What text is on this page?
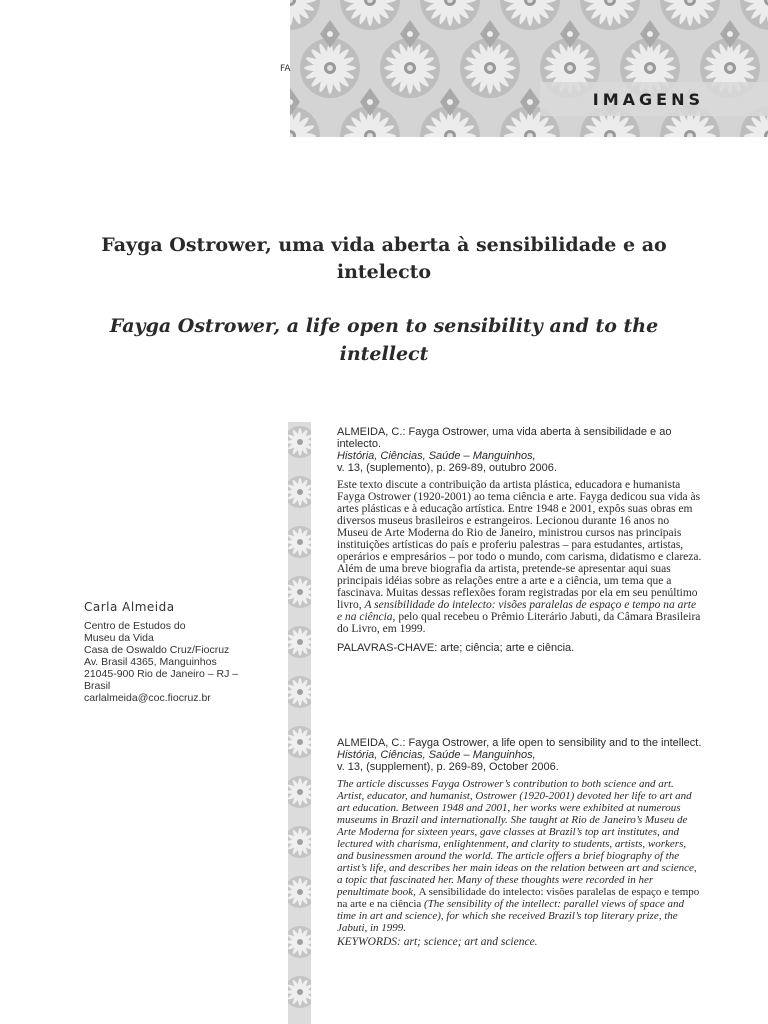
IMAGENS

FA

Fayga Ostrower, uma vida aberta à sensibilidade e ao intelecto
Fayga Ostrower, a life open to sensibility and to the intellect

Carla Almeida

Centro de Estudos do

Museu da Vida

Casa de Oswaldo Cruz/Fiocruz

Av. Brasil 4365, Manguinhos

21045-900 Rio de Janeiro – RJ –

Brasil

carlalmeida@coc.fiocruz.br

ALMEIDA, C.: Fayga Ostrower, uma vida aberta à sensibilidade e ao intelecto.

História, Ciências, Saúde – Manguinhos,

v. 13, (suplemento), p. 269-89, outubro 2006.

Este texto discute a contribuição da artista plástica, educadora e humanista Fayga Ostrower (1920-2001) ao tema ciência e arte. Fayga dedicou sua vida às artes plásticas e à educação artística. Entre 1948 e 2001, expôs suas obras em diversos museus brasileiros e estrangeiros. Lecionou durante 16 anos no Museu de Arte Moderna do Rio de Janeiro, ministrou cursos nas principais instituições artísticas do país e proferiu palestras – para estudantes, artistas, operários e empresários – por todo o mundo, com carisma, didatismo e clareza. Além de uma breve biografia da artista, pretende-se apresentar aqui suas principais idéias sobre as relações entre a arte e a ciência, um tema que a fascinava. Muitas dessas reflexões foram registradas por ela em seu penúltimo livro, A sensibilidade do intelecto: visões paralelas de espaço e tempo na arte e na ciência, pelo qual recebeu o Prêmio Literário Jabuti, da Câmara Brasileira do Livro, em 1999.

PALAVRAS-CHAVE: arte; ciência; arte e ciência.

ALMEIDA, C.: Fayga Ostrower, a life open to sensibility and to the intellect.

História, Ciências, Saúde – Manguinhos,

v. 13, (supplement), p. 269-89, October 2006.

The article discusses Fayga Ostrower’s contribution to both science and art. Artist, educator, and humanist, Ostrower (1920-2001) devoted her life to art and art education. Between 1948 and 2001, her works were exhibited at numerous museums in Brazil and internationally. She taught at Rio de Janeiro’s Museu de Arte Moderna for sixteen years, gave classes at Brazil’s top art institutes, and lectured with charisma, enlightenment, and clarity to students, artists, workers, and businessmen around the world. The article offers a brief biography of the artist’s life, and describes her main ideas on the relation between art and science, a topic that fascinated her. Many of these thoughts were recorded in her penultimate book, A sensibilidade do intelecto: visões paralelas de espaço e tempo na arte e na ciência (The sensibility of the intellect: parallel views of space and time in art and science), for which she received Brazil’s top literary prize, the Jabuti, in 1999.

KEYWORDS: art; science; art and science.
